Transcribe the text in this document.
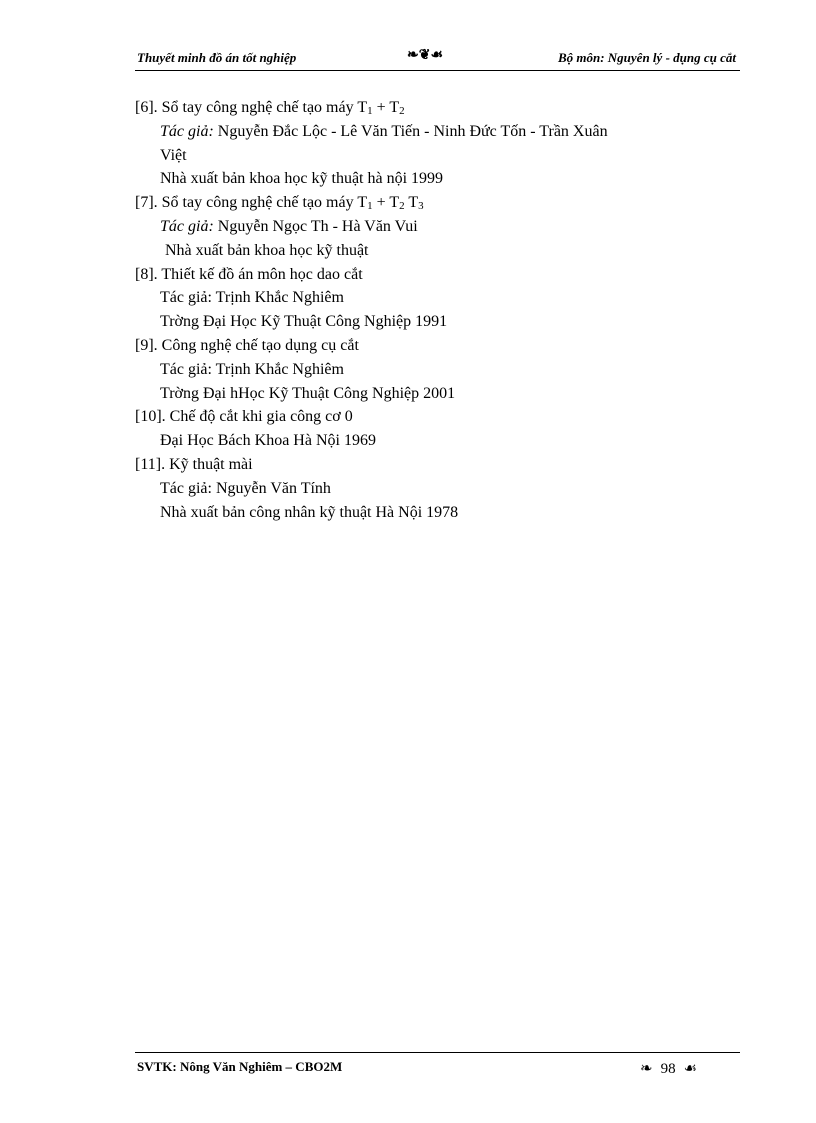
Thuyết minh đồ án tốt nghiệp	❧❦☙	Bộ môn: Nguyên lý - dụng cụ cắt
[6]. Sổ tay công nghệ chế tạo máy $T_1 + T_2$
Tác giả: Nguyễn Đắc Lộc - Lê Văn Tiến - Ninh Đức Tốn - Trần Xuân
Việt
Nhà xuất bản khoa học kỹ thuật hà nội 1999
[7]. Sổ tay công nghệ chế tạo máy $T_1 + T_2$ $T_3$
Tác giả: Nguyễn Ngọc Th - Hà Văn Vui
Nhà xuất bản khoa học kỹ thuật
[8]. Thiết kế đồ án môn học dao cắt
Tác giả: Trịnh Khắc Nghiêm
Trờng Đại Học Kỹ Thuật Công Nghiệp 1991
[9]. Công nghệ chế tạo dụng cụ cắt
Tác giả: Trịnh Khắc Nghiêm
Trờng Đại hHọc Kỹ Thuật Công Nghiệp 2001
[10]. Chế độ cắt khi gia công cơ 0
Đại Học Bách Khoa Hà Nội 1969
[11]. Kỹ thuật mài
Tác giả: Nguyễn Văn Tính
Nhà xuất bản công nhân kỹ thuật Hà Nội 1978
SVTK: Nông Văn Nghiêm – CBO2M	❧ 98 ☙
